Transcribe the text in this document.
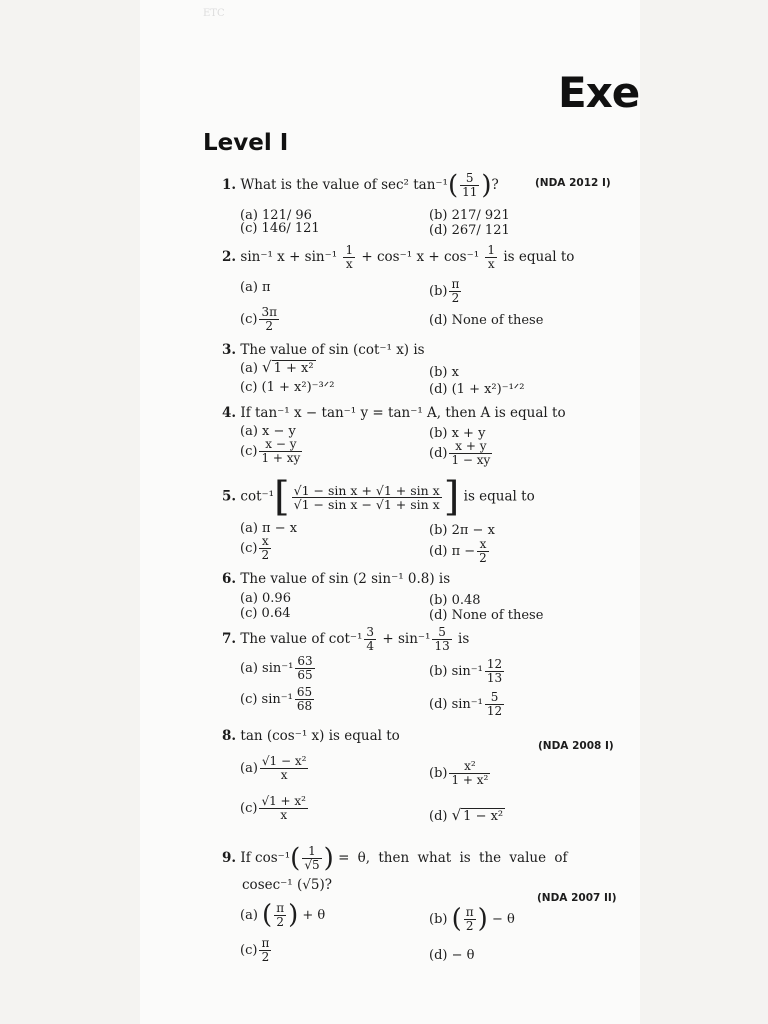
ETC
Exe
Level I
1. What is the value of sec² $\tan^{-1}( \frac{5}{11}$ )?	(NDA 2012 I)
(a) 121/ 96	(b) 217/ 921
(c) 146/ 121	(d) 267/ 121
2. sin⁻¹ $x + \sin^{-1} \frac{1}{x} + \cos^{-1}$ $x + \cos^{-1} \frac{1}{x}$ is equal to
(a) π	$(b) \frac{\pi}{2}$
$(c) \frac{3\pi}{2}$	(d) None of these
3. The value of sin (cot⁻¹ x) is
(a) √ 1 + x²	(b) x
(c) (1 + x²)⁻³ᐟ²	(d) (1 + x²)⁻¹ᐟ²
4. If tan⁻¹ x − tan⁻¹ y = tan⁻¹ A, then A is equal to
(a) x − y	(b) x + y
$(c) \frac{x - y}{1 + xy}$	$(d) \frac{x + y}{1 - xy}$
5. $\cot^{-1}[ \frac{\text{√1 − sin x + √1 + sin x}}{\text{√1 − sin x − √1 + sin x}}$ ] is equal to
(a) π − x	(b) 2π − x
$(c) \frac{x}{2}$	(d) $\pi - \frac{x}{2}$
6. The value of sin (2 sin⁻¹ 0.8) is
(a) 0.96	(b) 0.48
(c) 0.64	(d) None of these
7. The value of $\cot^{-1} \frac{3}{4} + \sin^{-1} \frac{5}{13}$ is
(a) $\sin^{-1} \frac{63}{65}$	(b) $\sin^{-1} \frac{12}{13}$
(c) $\sin^{-1} \frac{65}{68}$	(d) $\sin^{-1} \frac{5}{12}$
8. tan (cos⁻¹ x) is equal to
(NDA 2008 I)
$(a) \frac{\text{√1 − x²}}{x}$	$(b) \frac{\text{x²}}{\text{1 + x²}}$
$(c) \frac{\text{√1 + x²}}{x}$	(d) √ 1 − x²
9. If $\cos^{-1}( \frac{1}{√5}$ ) = θ, then what is the value of
cosec⁻¹ (√5)?
(NDA 2007 II)
(a) ( $\frac{\pi}{2}$ ) + θ	(b) ( $\frac{\pi}{2}$ ) − θ
$(c) \frac{\pi}{2}$	(d) − θ
